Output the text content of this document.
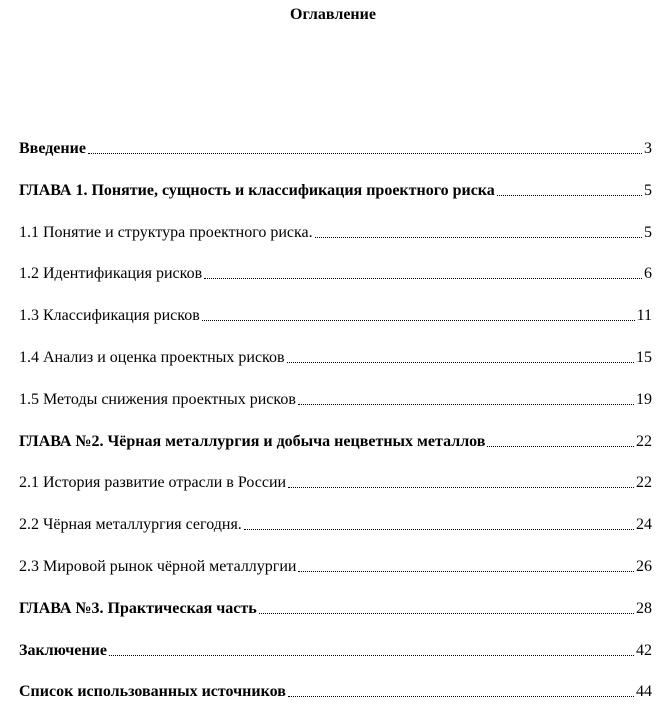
Оглавление
Введение	3
ГЛАВА 1. Понятие, сущность и классификация проектного риска	5
1.1 Понятие и структура проектного риска.	5
1.2 Идентификация рисков	6
1.3 Классификация рисков	11
1.4 Анализ и оценка проектных рисков	15
1.5 Методы снижения проектных рисков	19
ГЛАВА №2. Чёрная металлургия и добыча нецветных металлов	22
2.1 История развитие отрасли в России	22
2.2 Чёрная металлургия сегодня.	24
2.3 Мировой рынок чёрной металлургии	26
ГЛАВА №3. Практическая часть	28
Заключение	42
Список использованных источников	44
